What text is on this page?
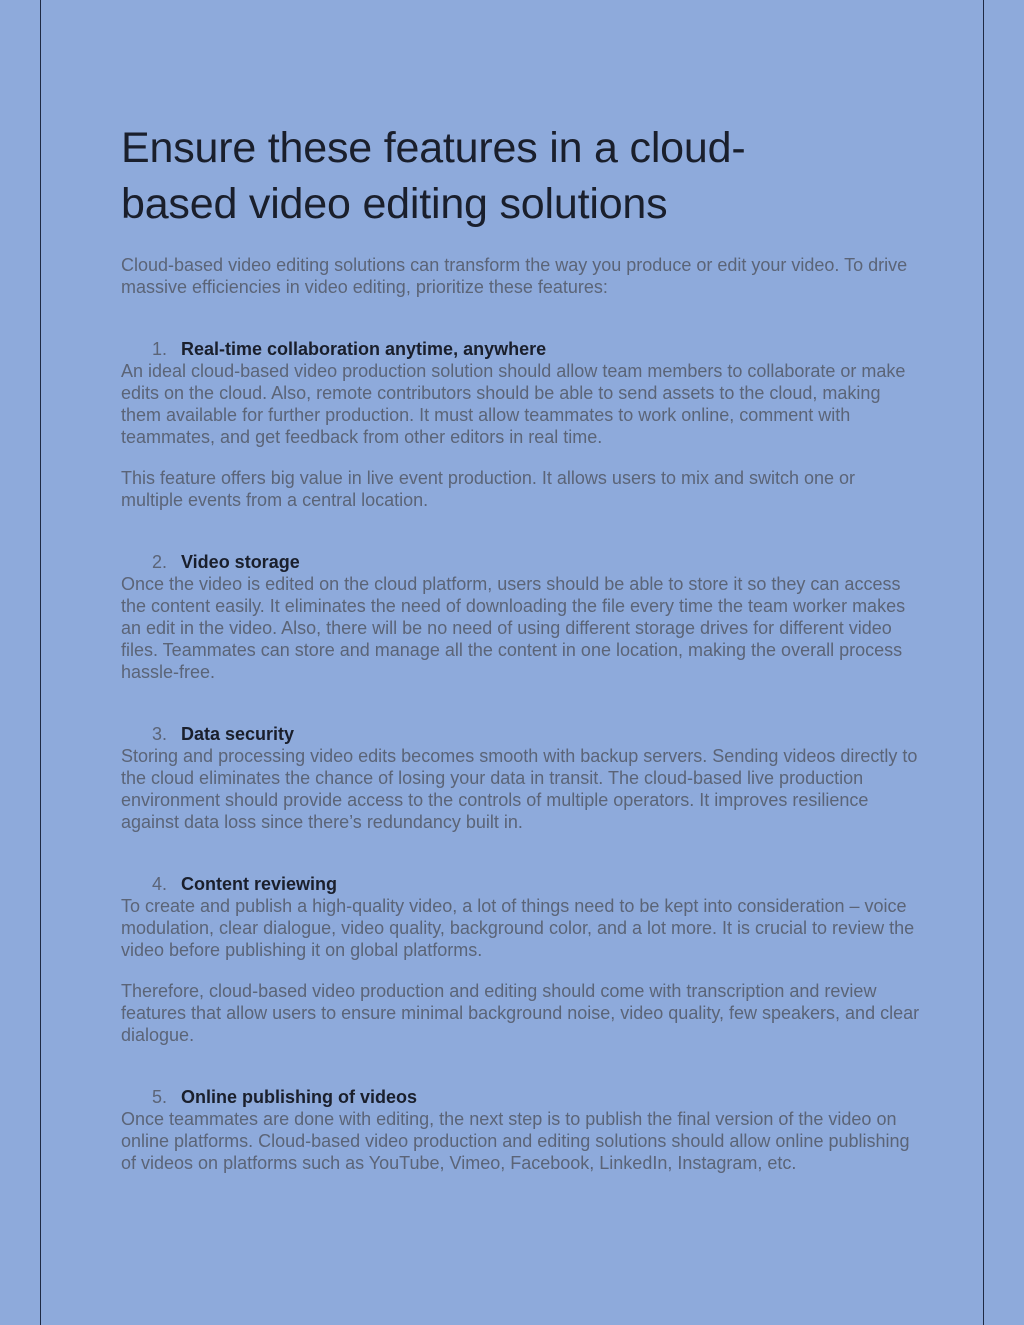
Ensure these features in a cloud-
based video editing solutions

Cloud-based video editing solutions can transform the way you produce or edit your video. To drive massive efficiencies in video editing, prioritize these features:

1. Real-time collaboration anytime, anywhere

An ideal cloud-based video production solution should allow team members to collaborate or make edits on the cloud. Also, remote contributors should be able to send assets to the cloud, making them available for further production. It must allow teammates to work online, comment with teammates, and get feedback from other editors in real time.

This feature offers big value in live event production. It allows users to mix and switch one or multiple events from a central location.

2. Video storage

Once the video is edited on the cloud platform, users should be able to store it so they can access the content easily. It eliminates the need of downloading the file every time the team worker makes an edit in the video. Also, there will be no need of using different storage drives for different video files. Teammates can store and manage all the content in one location, making the overall process hassle-free.

3. Data security

Storing and processing video edits becomes smooth with backup servers. Sending videos directly to the cloud eliminates the chance of losing your data in transit. The cloud-based live production environment should provide access to the controls of multiple operators. It improves resilience against data loss since there’s redundancy built in.

4. Content reviewing

To create and publish a high-quality video, a lot of things need to be kept into consideration – voice modulation, clear dialogue, video quality, background color, and a lot more. It is crucial to review the video before publishing it on global platforms.

Therefore, cloud-based video production and editing should come with transcription and review features that allow users to ensure minimal background noise, video quality, few speakers, and clear dialogue.

5. Online publishing of videos

Once teammates are done with editing, the next step is to publish the final version of the video on online platforms. Cloud-based video production and editing solutions should allow online publishing of videos on platforms such as YouTube, Vimeo, Facebook, LinkedIn, Instagram, etc.
